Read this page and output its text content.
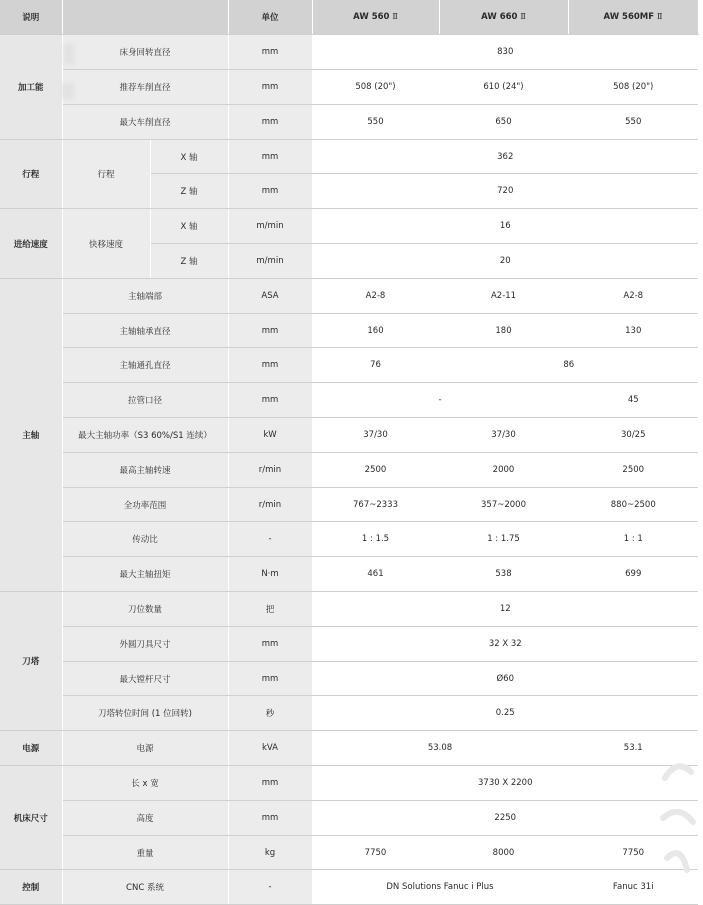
说明			单位	AW 560 Ⅱ	AW 660 Ⅱ	AW 560MF Ⅱ
加工能	床身回转直径		mm	830		
	推荐车削直径		mm	508 (20")	610 (24")	508 (20")
	最大车削直径		mm	550	650	550
行程	行程	X 轴	mm	362		
		Z 轴	mm	720		
进给速度	快移速度	X 轴	m/min	16		
		Z 轴	m/min	20		
主轴	主轴端部		ASA	A2-8	A2-11	A2-8
	主轴轴承直径		mm	160	180	130
	主轴通孔直径		mm	76	86	
	拉管口径		mm	-		45
	最大主轴功率（S3 60%/S1 连续）		kW	37/30	37/30	30/25
	最高主轴转速		r/min	2500	2000	2500
	全功率范围		r/min	767~2333	357~2000	880~2500
	传动比		-	1 : 1.5	1 : 1.75	1 : 1
	最大主轴扭矩		N·m	461	538	699
刀塔	刀位数量		把	12		
	外圆刀具尺寸		mm	32 X 32		
	最大镗杆尺寸		mm	Ø60		
	刀塔转位时间 (1 位回转)		秒	0.25		
电源	电源		kVA	53.08		53.1
机床尺寸	长 x 宽		mm	3730 X 2200		
	高度		mm	2250		
	重量		kg	7750	8000	7750
控制	CNC 系统		-	DN Solutions Fanuc i Plus		Fanuc 31i
